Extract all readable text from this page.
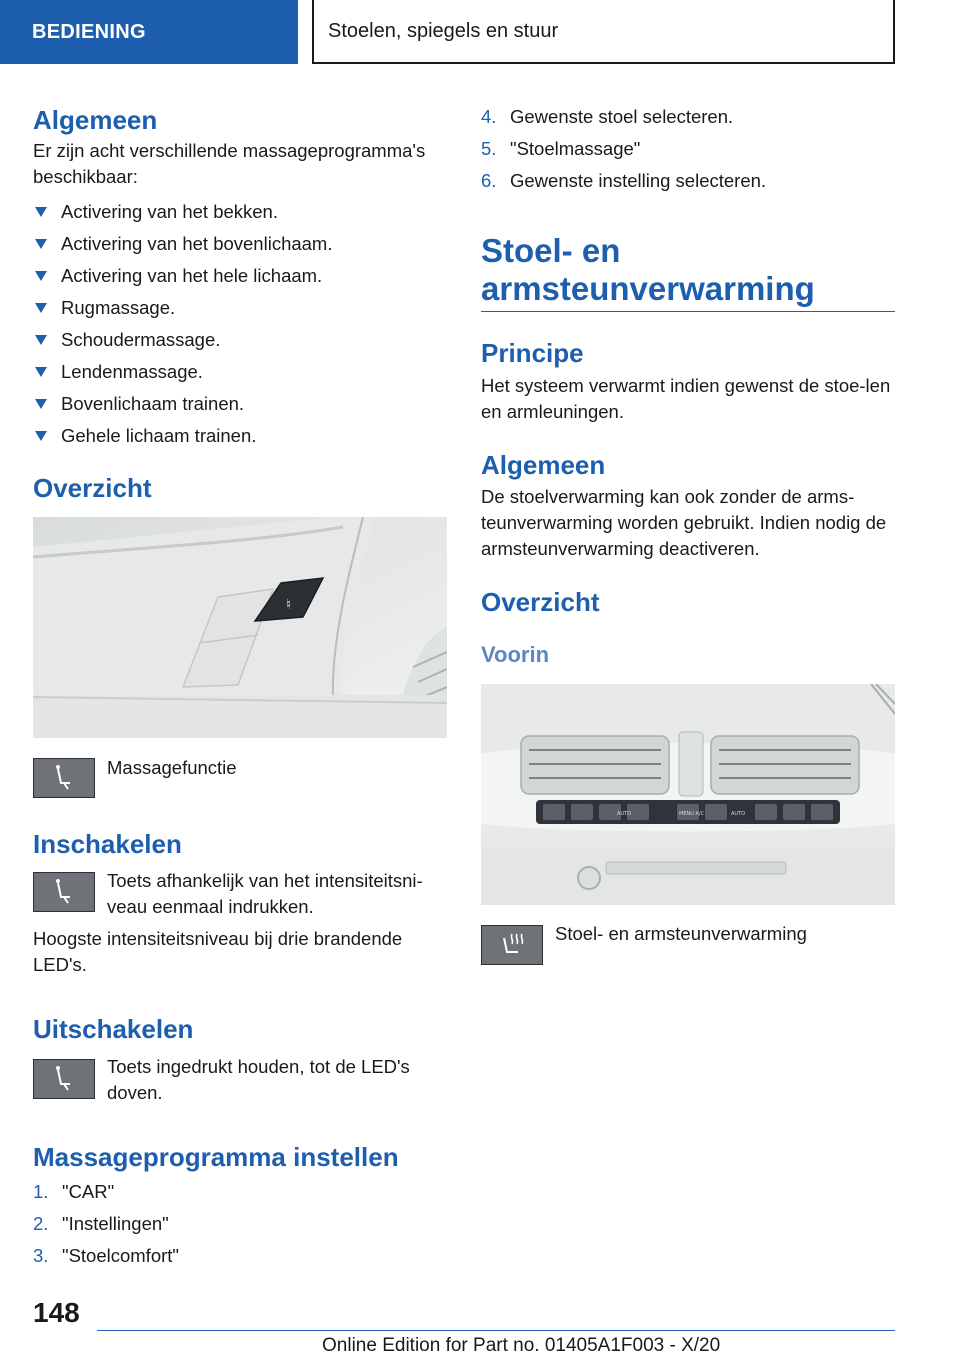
BEDIENING	Stoelen, spiegels en stuur
Algemeen

Er zijn acht verschillende massageprogramma's beschikbaar:

Activering van het bekken.
Activering van het bovenlichaam.
Activering van het hele lichaam.
Rugmassage.
Schoudermassage.
Lendenmassage.
Bovenlichaam trainen.
Gehele lichaam trainen.
Overzicht
♮
Massagefunctie
Inschakelen
Toets afhankelijk van het intensiteitsni-veau eenmaal indrukken.

Hoogste intensiteitsniveau bij drie brandende LED's.

Uitschakelen
Toets ingedrukt houden, tot de LED's doven.
Massageprogramma instellen
1. "CAR"
2. "Instellingen"
3. "Stoelcomfort"
4. Gewenste stoel selecteren.
5. "Stoelmassage"
6. Gewenste instelling selecteren.
Stoel- en
armsteunverwarming
Principe

Het systeem verwarmt indien gewenst de stoe-len en armleuningen.

Algemeen

De stoelverwarming kan ook zonder de arms-teunverwarming worden gebruikt. Indien nodig de armsteunverwarming deactiveren.

Overzicht
Voorin
AUTO	MENU A/C	AUTO
Stoel- en armsteunverwarming
148
Online Edition for Part no. 01405A1F003 - X/20
